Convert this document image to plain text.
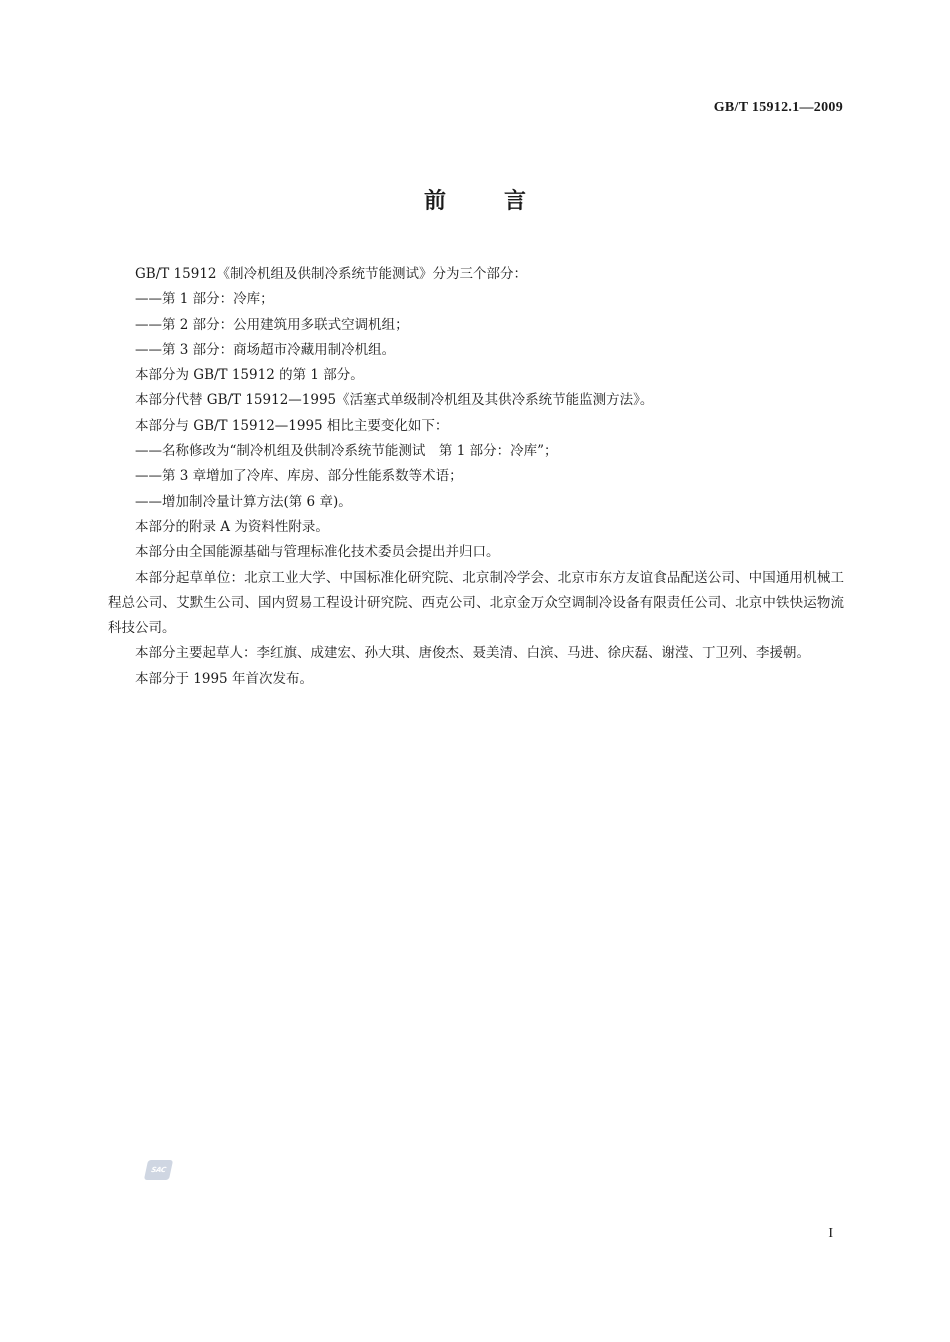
GB/T 15912.1—2009
前言

GB/T 15912《制冷机组及供制冷系统节能测试》分为三个部分：

——第 1 部分：冷库；

——第 2 部分：公用建筑用多联式空调机组；

——第 3 部分：商场超市冷藏用制冷机组。

本部分为 GB/T 15912 的第 1 部分。

本部分代替 GB/T 15912—1995《活塞式单级制冷机组及其供冷系统节能监测方法》。

本部分与 GB/T 15912—1995 相比主要变化如下：

——名称修改为“制冷机组及供制冷系统节能测试　第 1 部分：冷库”；

——第 3 章增加了冷库、库房、部分性能系数等术语；

——增加制冷量计算方法(第 6 章)。

本部分的附录 A 为资料性附录。

本部分由全国能源基础与管理标准化技术委员会提出并归口。

本部分起草单位：北京工业大学、中国标准化研究院、北京制冷学会、北京市东方友谊食品配送公司、中国通用机械工程总公司、艾默生公司、国内贸易工程设计研究院、西克公司、北京金万众空调制冷设备有限责任公司、北京中铁快运物流科技公司。

本部分主要起草人：李红旗、成建宏、孙大琪、唐俊杰、聂美清、白滨、马进、徐庆磊、谢滢、丁卫列、李援朝。

本部分于 1995 年首次发布。

SAC
I
